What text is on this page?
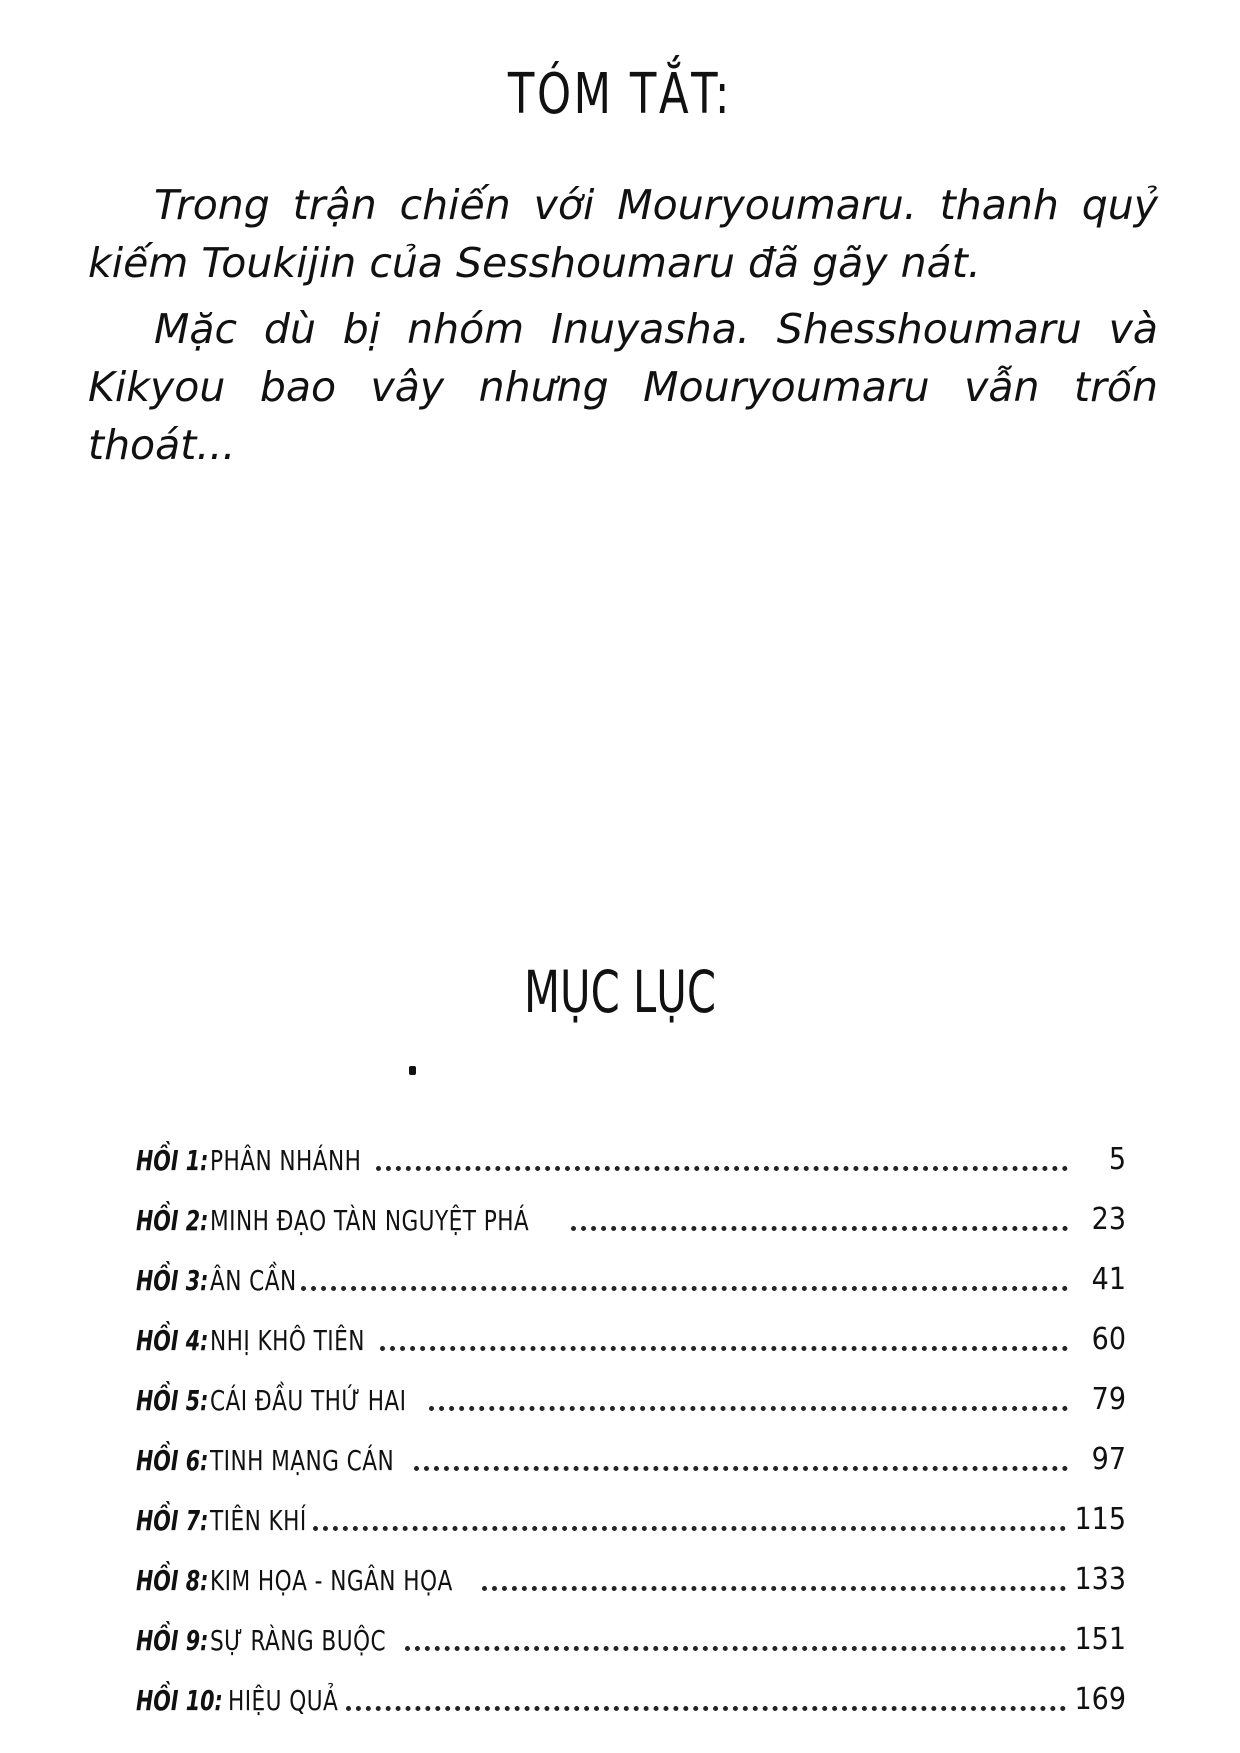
TÓM TẮT:

Trong trận chiến với Mouryoumaru. thanh quỷ kiếm Toukijin của Sesshoumaru đã gãy nát.

Mặc dù bị nhóm Inuyasha. Shesshoumaru và Kikyou bao vây nhưng Mouryoumaru vẫn trốn thoát...

MỤC LỤC
HỒI 1: PHÂN NHÁNH	5
HỒI 2: MINH ĐẠO TÀN NGUYỆT PHÁ	23
HỒI 3: ÂN CẦN	41
HỒI 4: NHỊ KHÔ TIÊN	60
HỒI 5: CÁI ĐẦU THỨ HAI	79
HỒI 6: TINH MẠNG CÁN	97
HỒI 7: TIÊN KHÍ	115
HỒI 8: KIM HỌA - NGÂN HỌA	133
HỒI 9: SỰ RÀNG BUỘC	151
HỒI 10: HIỆU QUẢ	169
